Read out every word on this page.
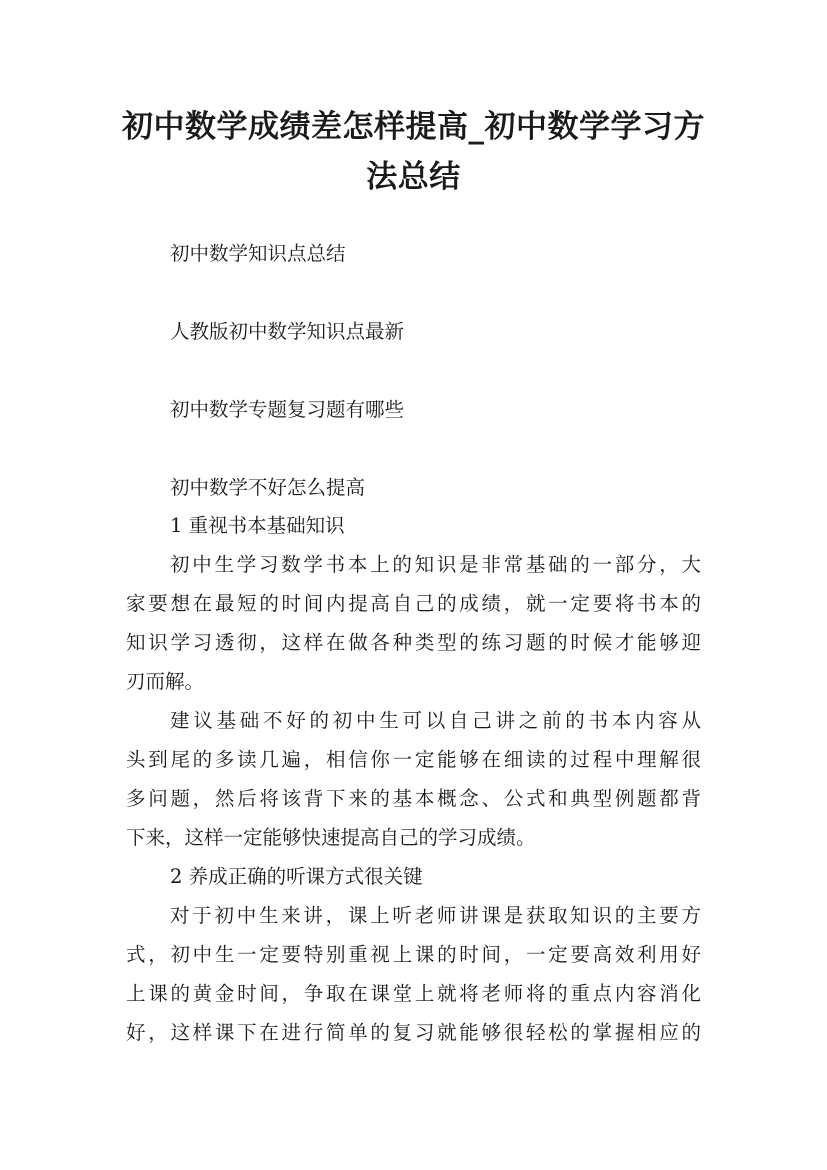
初中数学成绩差怎样提高_初中数学学习方
法总结
初中数学知识点总结
人教版初中数学知识点最新
初中数学专题复习题有哪些
初中数学不好怎么提高
1 重视书本基础知识
初中生学习数学书本上的知识是非常基础的一部分，大
家要想在最短的时间内提高自己的成绩，就一定要将书本的
知识学习透彻，这样在做各种类型的练习题的时候才能够迎
刃而解。
建议基础不好的初中生可以自己讲之前的书本内容从
头到尾的多读几遍，相信你一定能够在细读的过程中理解很
多问题，然后将该背下来的基本概念、公式和典型例题都背
下来，这样一定能够快速提高自己的学习成绩。
2 养成正确的听课方式很关键
对于初中生来讲，课上听老师讲课是获取知识的主要方
式，初中生一定要特别重视上课的时间，一定要高效利用好
上课的黄金时间，争取在课堂上就将老师将的重点内容消化
好，这样课下在进行简单的复习就能够很轻松的掌握相应的
